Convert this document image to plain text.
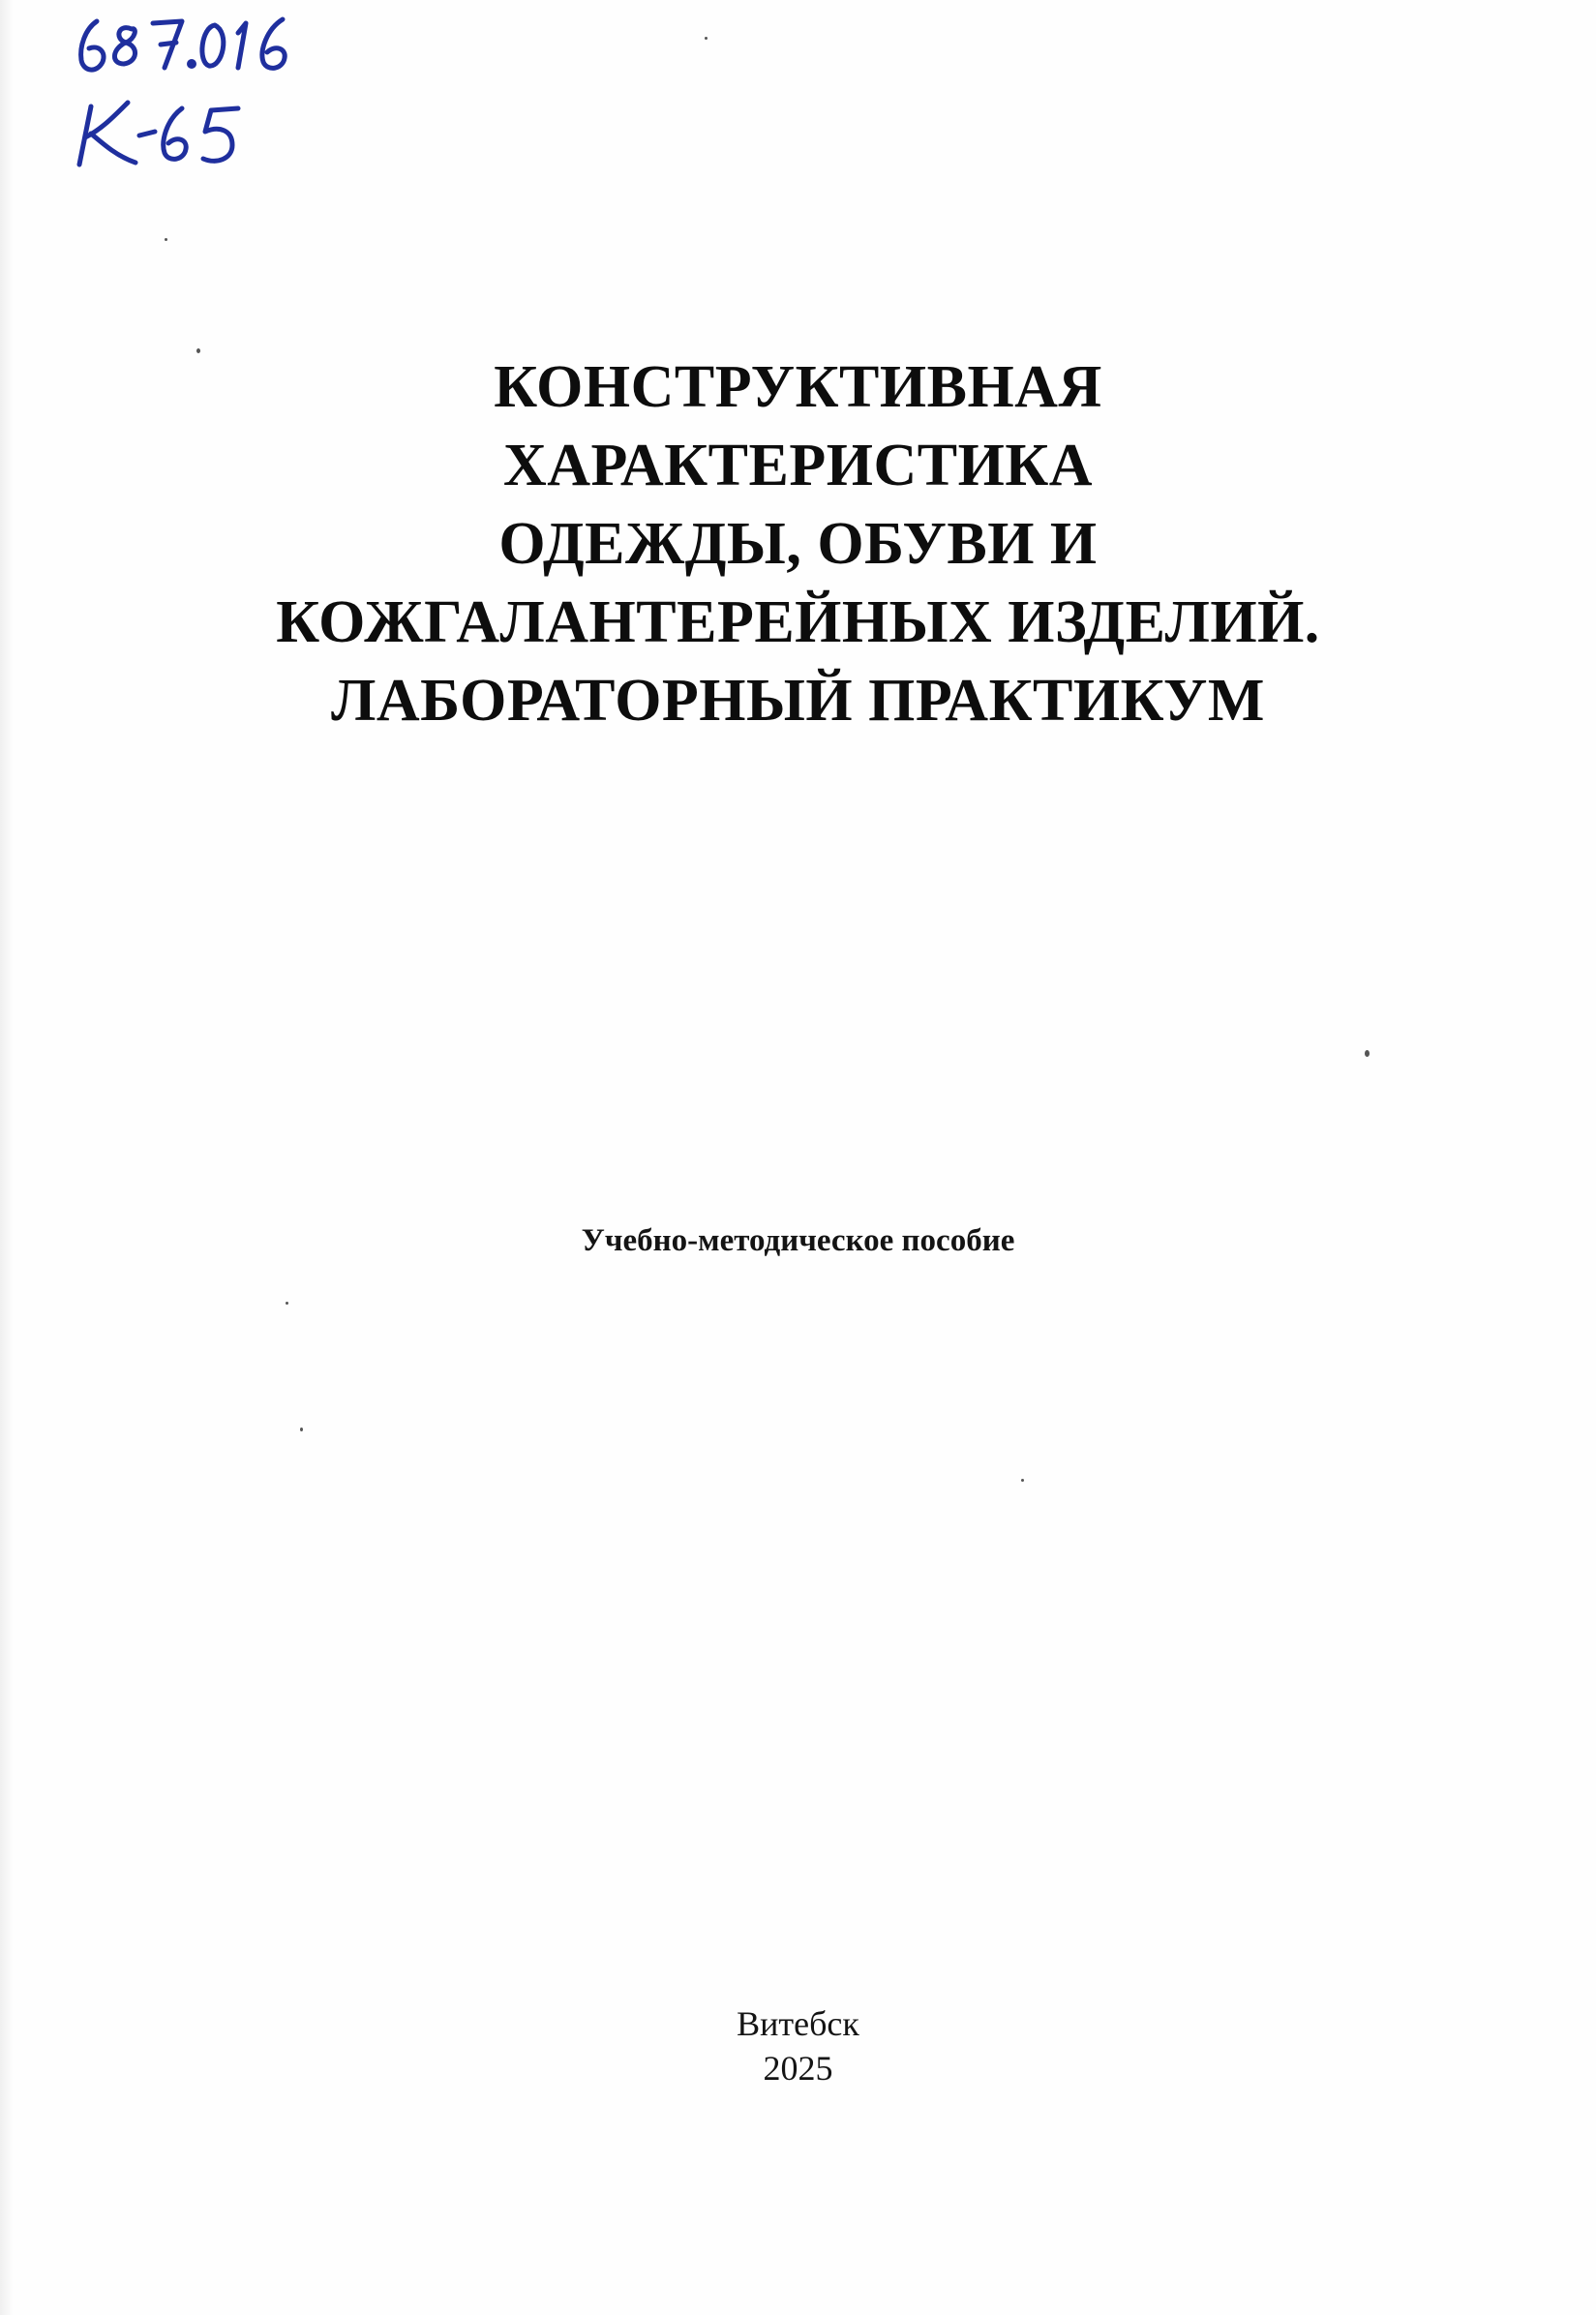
КОНСТРУКТИВНАЯ
ХАРАКТЕРИСТИКА
ОДЕЖДЫ, ОБУВИ И
КОЖГАЛАНТЕРЕЙНЫХ ИЗДЕЛИЙ.
ЛАБОРАТОРНЫЙ ПРАКТИКУМ
Учебно-методическое пособие
Витебск
2025
